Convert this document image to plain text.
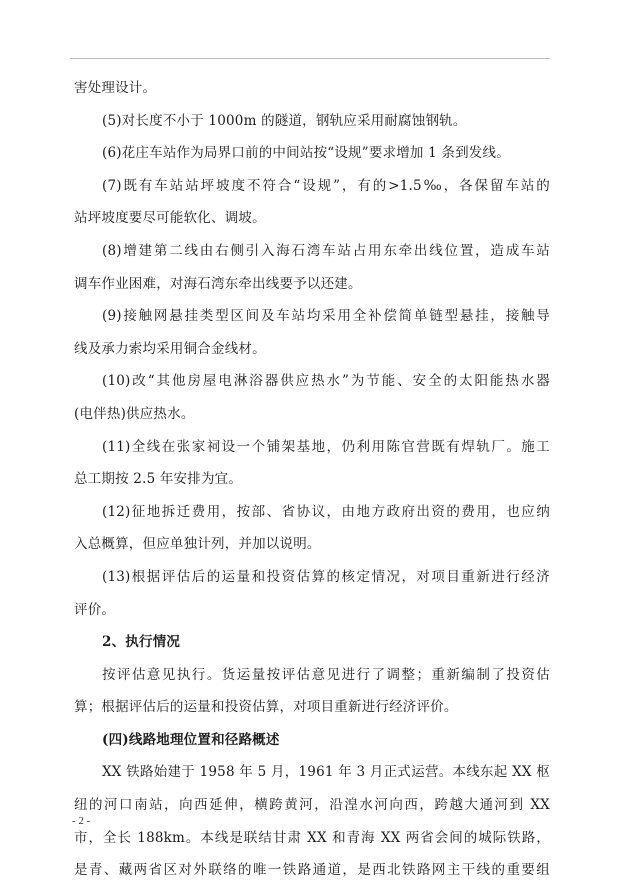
害处理设计。
(5)对长度不小于 1000m 的隧道，钢轨应采用耐腐蚀钢轨。
(6)花庄车站作为局界口前的中间站按“设规”要求增加 1 条到发线。
(7)既有车站站坪坡度不符合“设规”，有的>1.5‰，各保留车站的
站坪坡度要尽可能软化、调坡。
(8)增建第二线由右侧引入海石湾车站占用东牵出线位置，造成车站
调车作业困难，对海石湾东牵出线要予以还建。
(9)接触网悬挂类型区间及车站均采用全补偿简单链型悬挂，接触导
线及承力索均采用铜合金线材。
(10)改“其他房屋电淋浴器供应热水”为节能、安全的太阳能热水器
(电伴热)供应热水。
(11)全线在张家祠设一个铺架基地，仍利用陈官营既有焊轨厂。施工
总工期按 2.5 年安排为宜。
(12)征地拆迁费用，按部、省协议，由地方政府出资的费用，也应纳
入总概算，但应单独计列，并加以说明。
(13)根据评估后的运量和投资估算的核定情况，对项目重新进行经济
评价。
2、执行情况
按评估意见执行。货运量按评估意见进行了调整；重新编制了投资估
算；根据评估后的运量和投资估算，对项目重新进行经济评价。
(四)线路地理位置和径路概述
XX 铁路始建于 1958 年 5 月，1961 年 3 月正式运营。本线东起 XX 枢
纽的河口南站，向西延伸，横跨黄河，沿湟水河向西，跨越大通河到 XX
市，全长 188km。本线是联结甘肃 XX 和青海 XX 两省会间的城际铁路，
是青、藏两省区对外联络的唯一铁路通道，是西北铁路网主干线的重要组
- 2 -
